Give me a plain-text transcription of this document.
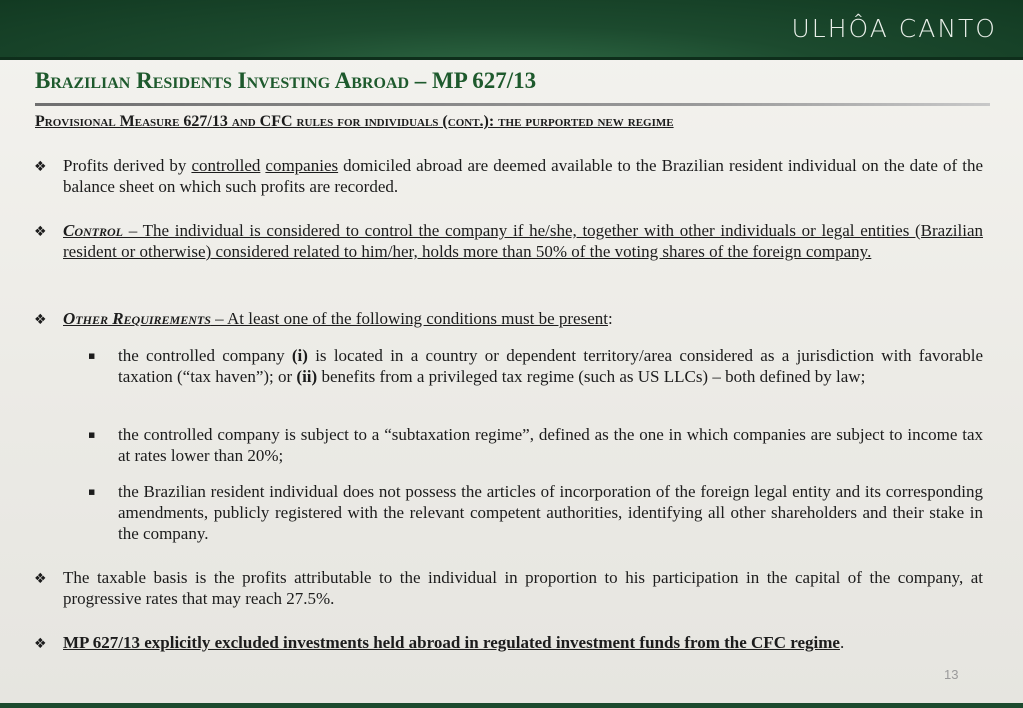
ULHÔA CANTO
Brazilian Residents Investing Abroad – MP 627/13
Provisional Measure 627/13 and CFC rules for individuals (cont.): the purported new regime
❖ Profits derived by controlled companies domiciled abroad are deemed available to the Brazilian resident individual on the date of the balance sheet on which such profits are recorded.
❖ Control – The individual is considered to control the company if he/she, together with other individuals or legal entities (Brazilian resident or otherwise) considered related to him/her, holds more than 50% of the voting shares of the foreign company.
❖ Other Requirements – At least one of the following conditions must be present:
▪ the controlled company (i) is located in a country or dependent territory/area considered as a jurisdiction with favorable taxation (“tax haven”); or (ii) benefits from a privileged tax regime (such as US LLCs) – both defined by law;
▪ the controlled company is subject to a “subtaxation regime”, defined as the one in which companies are subject to income tax at rates lower than 20%;
▪ the Brazilian resident individual does not possess the articles of incorporation of the foreign legal entity and its corresponding amendments, publicly registered with the relevant competent authorities, identifying all other shareholders and their stake in the company.
❖ The taxable basis is the profits attributable to the individual in proportion to his participation in the capital of the company, at progressive rates that may reach 27.5%.
❖ MP 627/13 explicitly excluded investments held abroad in regulated investment funds from the CFC regime.
13
